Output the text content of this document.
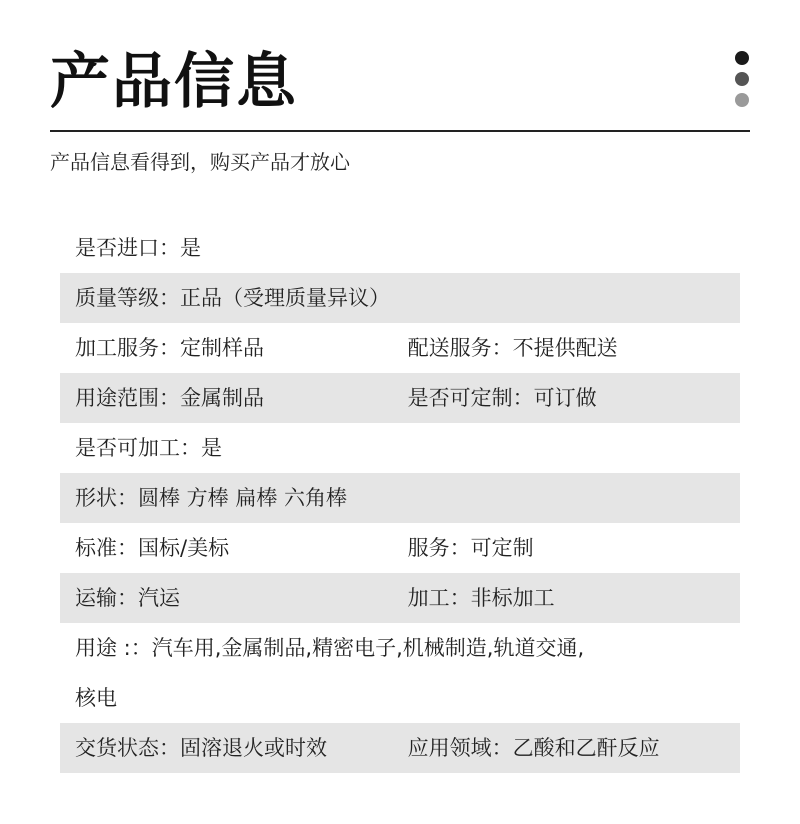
产品信息
产品信息看得到，购买产品才放心
是否进口：是
质量等级：正品（受理质量异议）
加工服务：定制样品	配送服务：不提供配送
用途范围：金属制品	是否可定制：可订做
是否可加工：是
形状：圆棒 方棒 扁棒 六角棒
标准：国标/美标	服务：可定制
运输：汽运	加工：非标加工
用途 :：汽车用,金属制品,精密电子,机械制造,轨道交通,
核电
交货状态：固溶退火或时效	应用领域：乙酸和乙酐反应
